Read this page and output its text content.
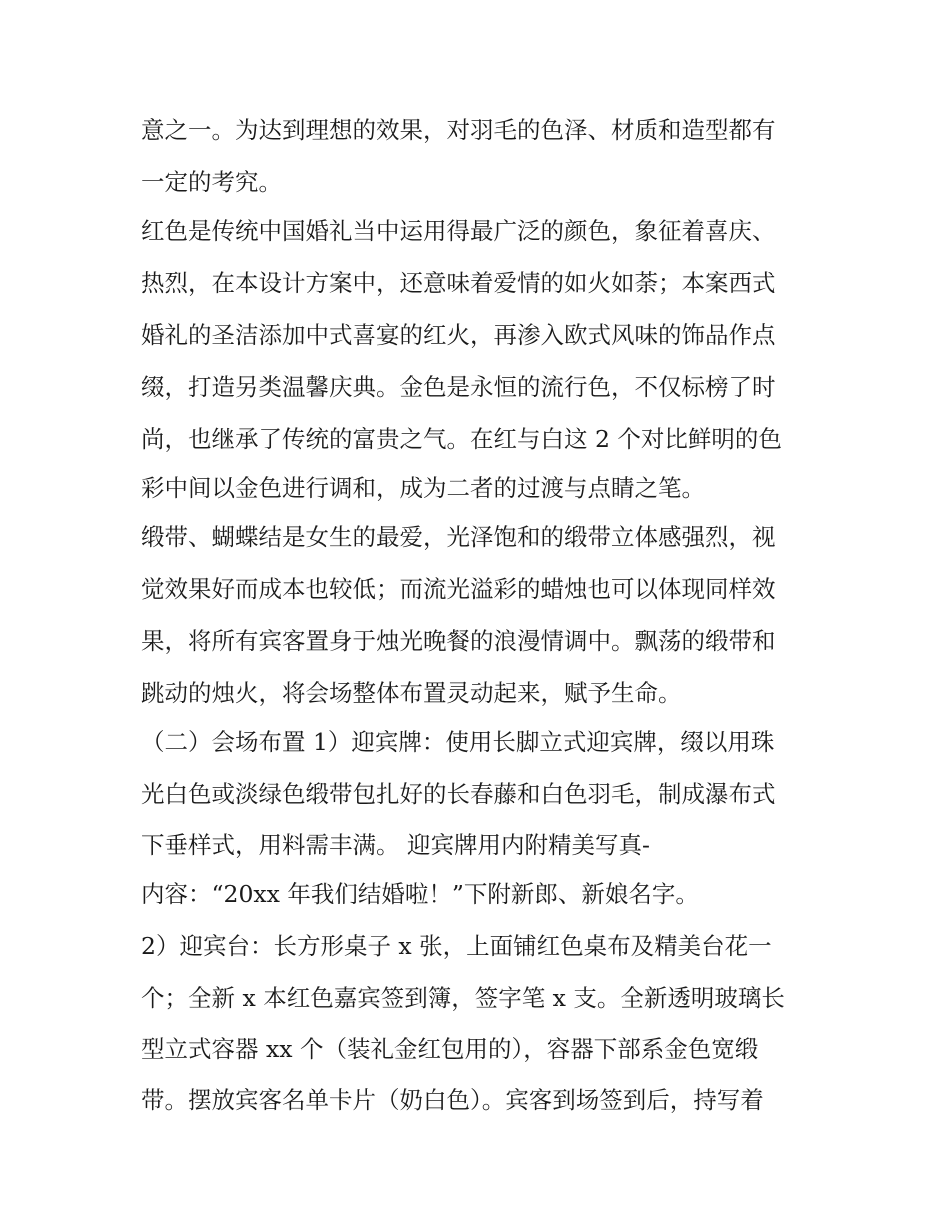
意之一。为达到理想的效果，对羽毛的色泽、材质和造型都有
一定的考究。
红色是传统中国婚礼当中运用得最广泛的颜色，象征着喜庆、
热烈，在本设计方案中，还意味着爱情的如火如荼；本案西式
婚礼的圣洁添加中式喜宴的红火，再渗入欧式风味的饰品作点
缀，打造另类温馨庆典。金色是永恒的流行色，不仅标榜了时
尚，也继承了传统的富贵之气。在红与白这 2 个对比鲜明的色
彩中间以金色进行调和，成为二者的过渡与点睛之笔。
缎带、蝴蝶结是女生的最爱，光泽饱和的缎带立体感强烈，视
觉效果好而成本也较低；而流光溢彩的蜡烛也可以体现同样效
果，将所有宾客置身于烛光晚餐的浪漫情调中。飘荡的缎带和
跳动的烛火，将会场整体布置灵动起来，赋予生命。
（二）会场布置 1）迎宾牌：使用长脚立式迎宾牌，缀以用珠
光白色或淡绿色缎带包扎好的长春藤和白色羽毛，制成瀑布式
下垂样式，用料需丰满。 迎宾牌用内附精美写真-
内容：“20xx 年我们结婚啦！”下附新郎、新娘名字。
2）迎宾台：长方形桌子 x 张，上面铺红色桌布及精美台花一
个；全新 x 本红色嘉宾签到簿，签字笔 x 支。全新透明玻璃长
型立式容器 xx 个（装礼金红包用的），容器下部系金色宽缎
带。摆放宾客名单卡片（奶白色）。宾客到场签到后，持写着
